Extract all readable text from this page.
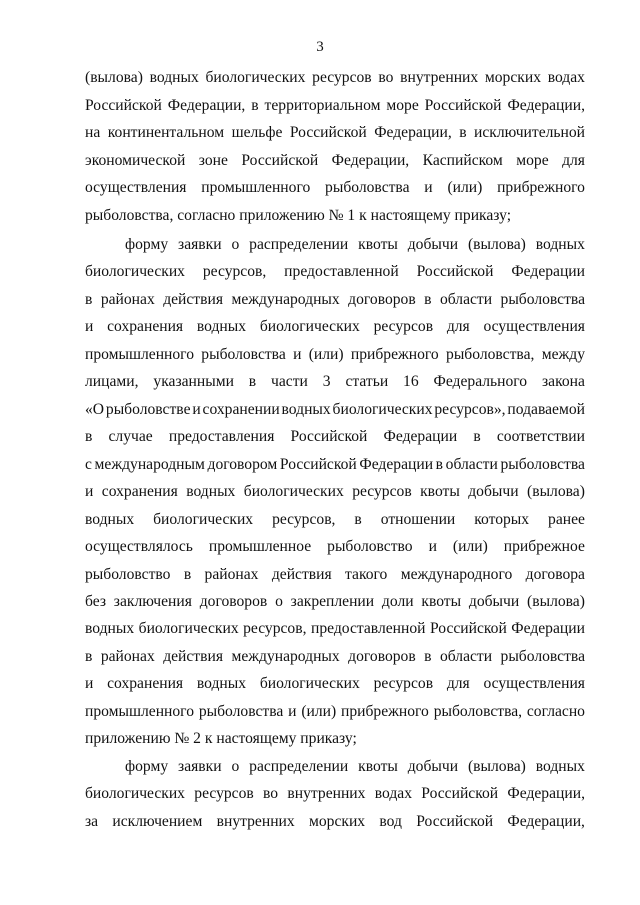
3
(вылова) водных биологических ресурсов во внутренних морских водах
Российской Федерации, в территориальном море Российской Федерации,
на континентальном шельфе Российской Федерации, в исключительной
экономической зоне Российской Федерации, Каспийском море для
осуществления промышленного рыболовства и (или) прибрежного
рыболовства, согласно приложению № 1 к настоящему приказу;
форму заявки о распределении квоты добычи (вылова) водных
биологических ресурсов, предоставленной Российской Федерации
в районах действия международных договоров в области рыболовства
и сохранения водных биологических ресурсов для осуществления
промышленного рыболовства и (или) прибрежного рыболовства, между
лицами, указанными в части 3 статьи 16 Федерального закона
«О рыболовстве и сохранении водных биологических ресурсов», подаваемой
в случае предоставления Российской Федерации в соответствии
с международным договором Российской Федерации в области рыболовства
и сохранения водных биологических ресурсов квоты добычи (вылова)
водных биологических ресурсов, в отношении которых ранее
осуществлялось промышленное рыболовство и (или) прибрежное
рыболовство в районах действия такого международного договора
без заключения договоров о закреплении доли квоты добычи (вылова)
водных биологических ресурсов, предоставленной Российской Федерации
в районах действия международных договоров в области рыболовства
и сохранения водных биологических ресурсов для осуществления
промышленного рыболовства и (или) прибрежного рыболовства, согласно
приложению № 2 к настоящему приказу;
форму заявки о распределении квоты добычи (вылова) водных
биологических ресурсов во внутренних водах Российской Федерации,
за исключением внутренних морских вод Российской Федерации,
